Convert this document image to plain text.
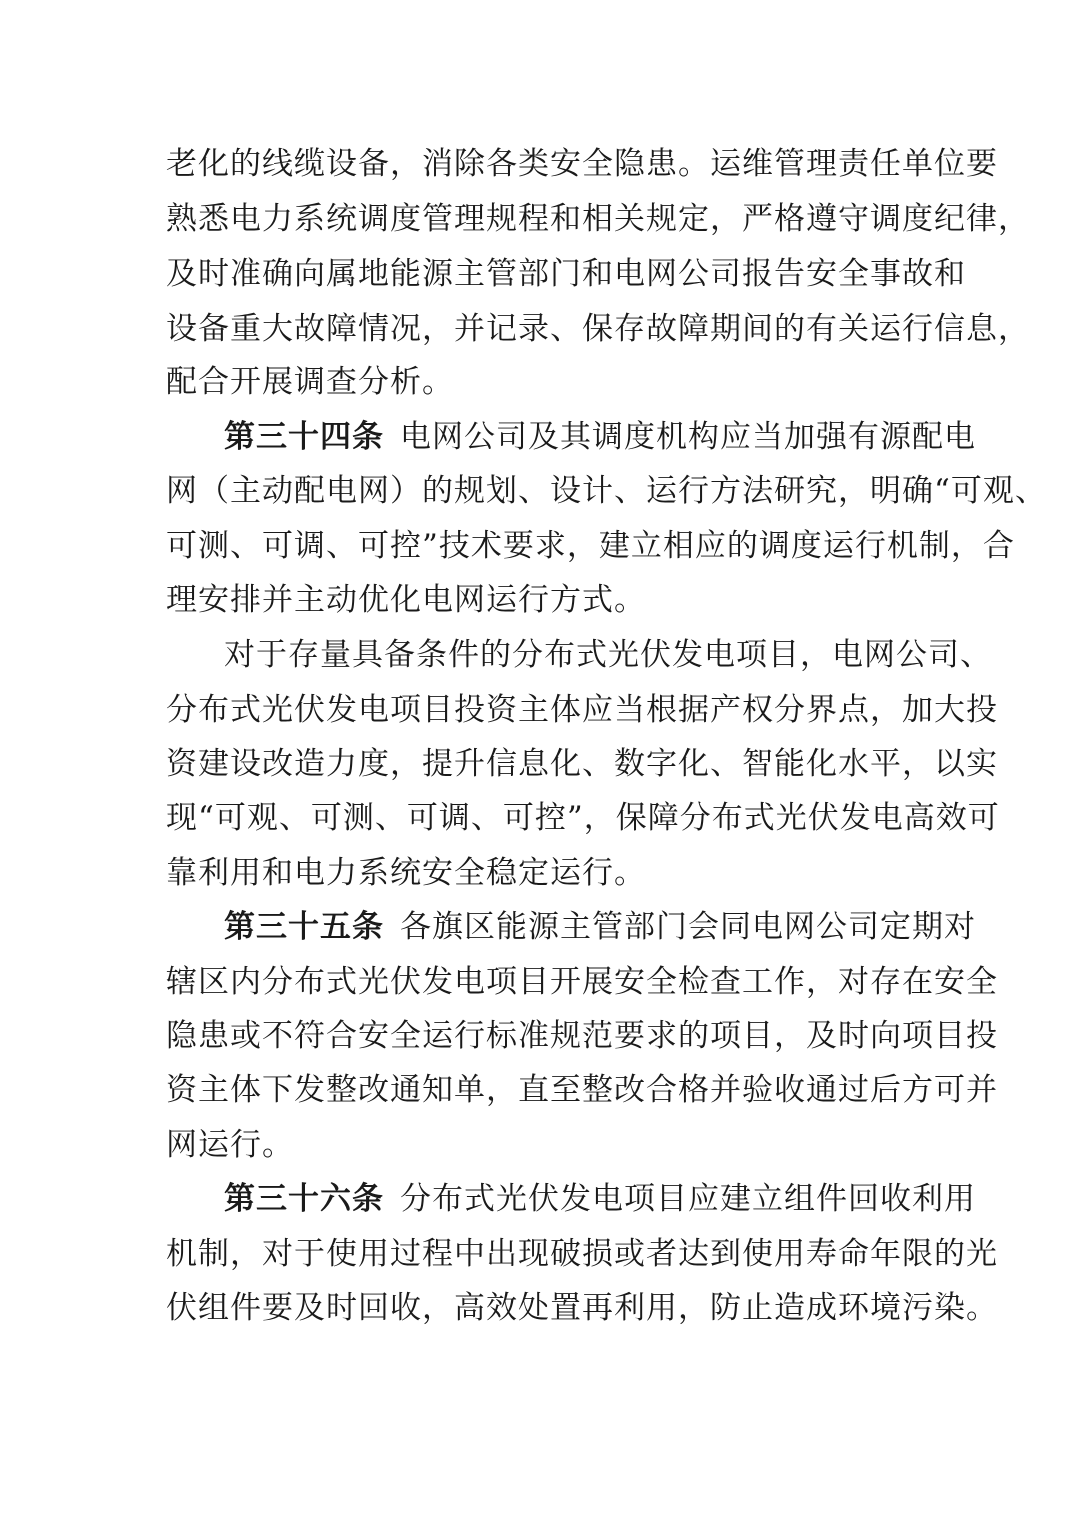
老化的线缆设备，消除各类安全隐患。运维管理责任单位要
熟悉电力系统调度管理规程和相关规定，严格遵守调度纪律，
及时准确向属地能源主管部门和电网公司报告安全事故和
设备重大故障情况，并记录、保存故障期间的有关运行信息，
配合开展调查分析。
第三十四条 电网公司及其调度机构应当加强有源配电
网（主动配电网）的规划、设计、运行方法研究，明确“可观、
可测、可调、可控”技术要求，建立相应的调度运行机制，合
理安排并主动优化电网运行方式。
对于存量具备条件的分布式光伏发电项目，电网公司、
分布式光伏发电项目投资主体应当根据产权分界点，加大投
资建设改造力度，提升信息化、数字化、智能化水平，以实
现“可观、可测、可调、可控”，保障分布式光伏发电高效可
靠利用和电力系统安全稳定运行。
第三十五条 各旗区能源主管部门会同电网公司定期对
辖区内分布式光伏发电项目开展安全检查工作，对存在安全
隐患或不符合安全运行标准规范要求的项目，及时向项目投
资主体下发整改通知单，直至整改合格并验收通过后方可并
网运行。
第三十六条 分布式光伏发电项目应建立组件回收利用
机制，对于使用过程中出现破损或者达到使用寿命年限的光
伏组件要及时回收，高效处置再利用，防止造成环境污染。
